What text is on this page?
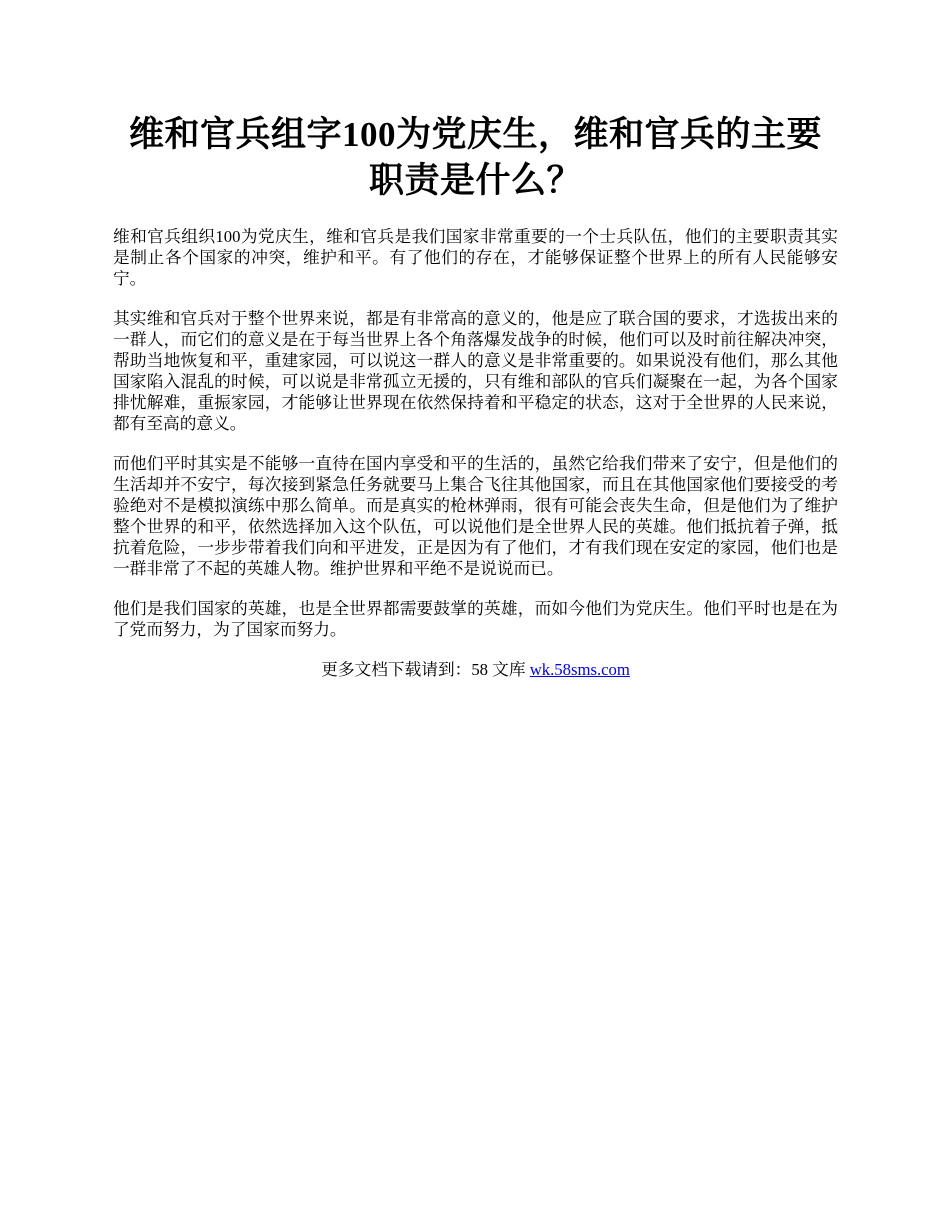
维和官兵组字100为党庆生，维和官兵的主要职责是什么？

维和官兵组织100为党庆生，维和官兵是我们国家非常重要的一个士兵队伍，他们的主要职责其实是制止各个国家的冲突，维护和平。有了他们的存在，才能够保证整个世界上的所有人民能够安宁。

其实维和官兵对于整个世界来说，都是有非常高的意义的，他是应了联合国的要求，才选拔出来的一群人，而它们的意义是在于每当世界上各个角落爆发战争的时候，他们可以及时前往解决冲突，帮助当地恢复和平，重建家园，可以说这一群人的意义是非常重要的。如果说没有他们，那么其他国家陷入混乱的时候，可以说是非常孤立无援的，只有维和部队的官兵们凝聚在一起，为各个国家排忧解难，重振家园，才能够让世界现在依然保持着和平稳定的状态，这对于全世界的人民来说，都有至高的意义。

而他们平时其实是不能够一直待在国内享受和平的生活的，虽然它给我们带来了安宁，但是他们的生活却并不安宁，每次接到紧急任务就要马上集合飞往其他国家，而且在其他国家他们要接受的考验绝对不是模拟演练中那么简单。而是真实的枪林弹雨，很有可能会丧失生命，但是他们为了维护整个世界的和平，依然选择加入这个队伍，可以说他们是全世界人民的英雄。他们抵抗着子弹，抵抗着危险，一步步带着我们向和平进发，正是因为有了他们，才有我们现在安定的家园，他们也是一群非常了不起的英雄人物。维护世界和平绝不是说说而已。

他们是我们国家的英雄，也是全世界都需要鼓掌的英雄，而如今他们为党庆生。他们平时也是在为了党而努力，为了国家而努力。

更多文档下载请到：58 文库 wk.58sms.com
